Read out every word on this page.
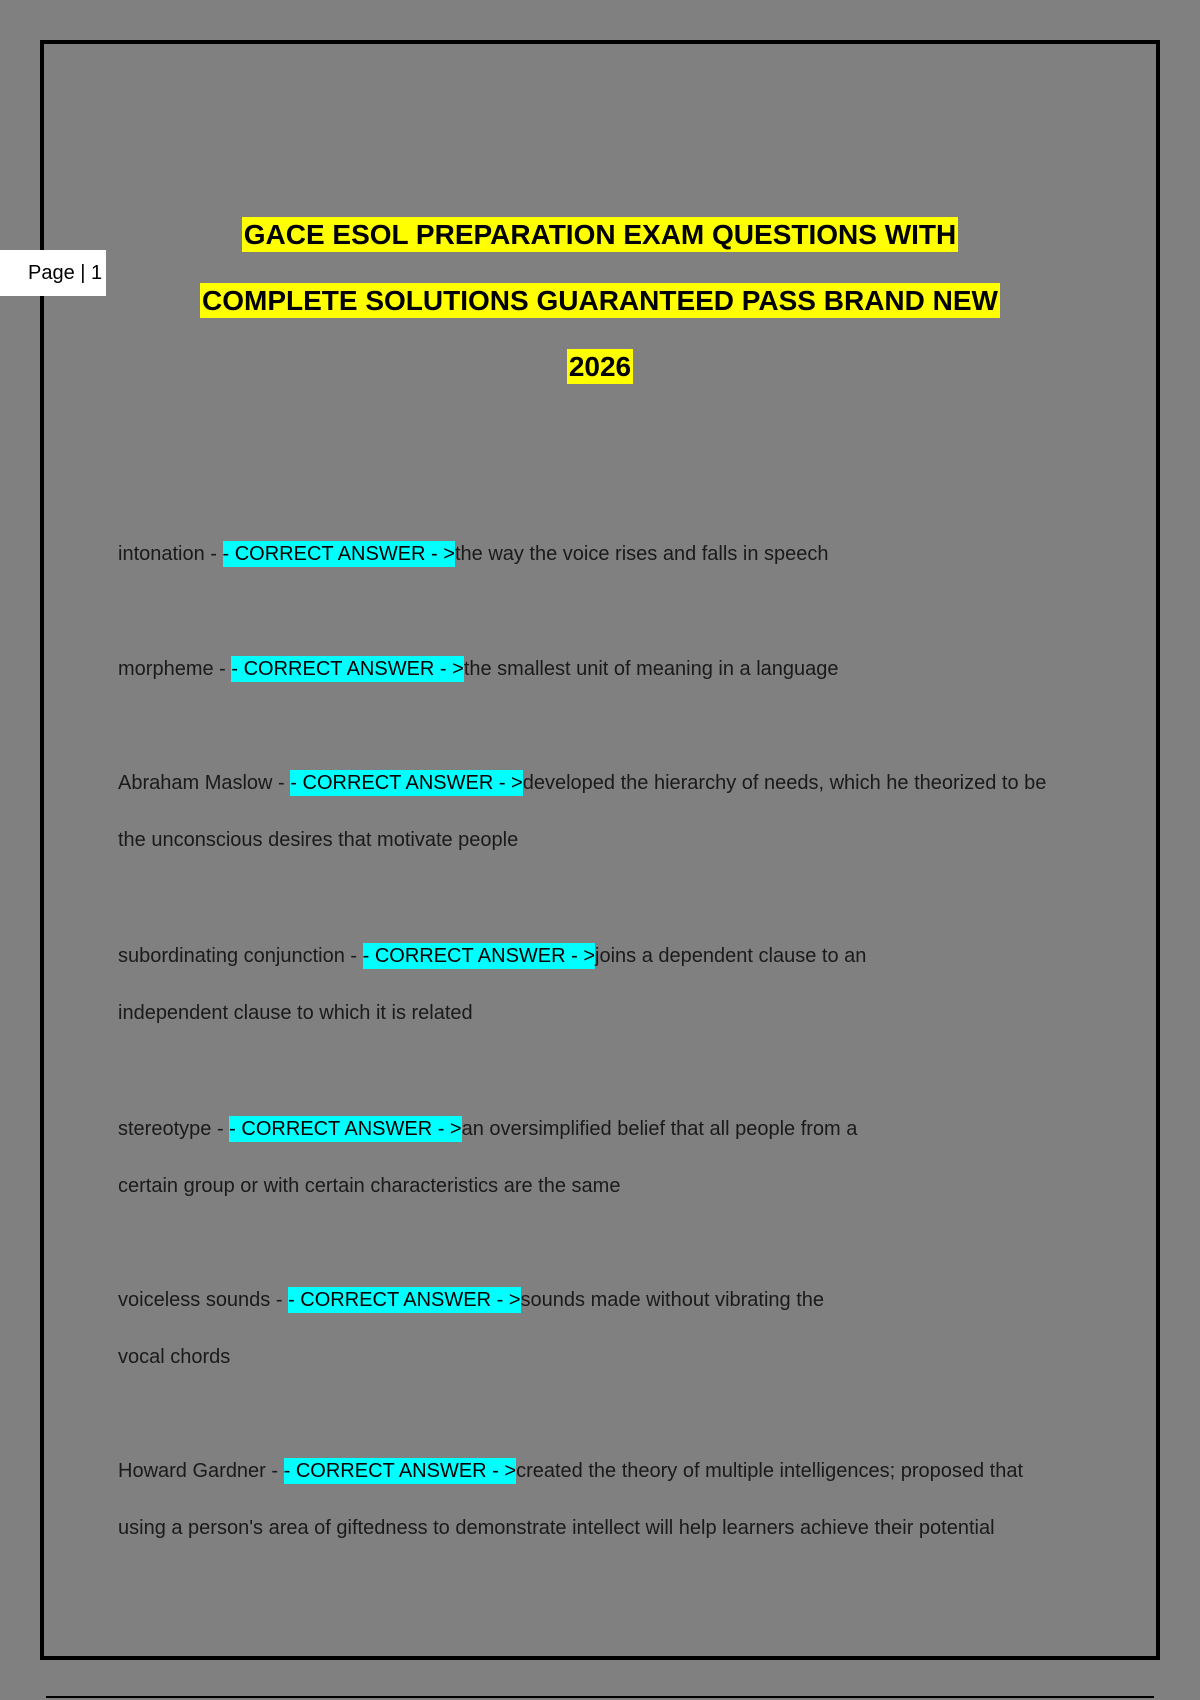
Page | 1
GACE ESOL PREPARATION EXAM QUESTIONS WITH
COMPLETE SOLUTIONS GUARANTEED PASS BRAND NEW
2026
intonation - - CORRECT ANSWER - >the way the voice rises and falls in speech
morpheme - - CORRECT ANSWER - >the smallest unit of meaning in a language
Abraham Maslow - - CORRECT ANSWER - >developed the hierarchy of needs, which he theorized to be
the unconscious desires that motivate people
subordinating conjunction - - CORRECT ANSWER - >joins a dependent clause to an
independent clause to which it is related
stereotype - - CORRECT ANSWER - >an oversimplified belief that all people from a
certain group or with certain characteristics are the same
voiceless sounds - - CORRECT ANSWER - >sounds made without vibrating the
vocal chords
Howard Gardner - - CORRECT ANSWER - >created the theory of multiple intelligences; proposed that
using a person's area of giftedness to demonstrate intellect will help learners achieve their potential
